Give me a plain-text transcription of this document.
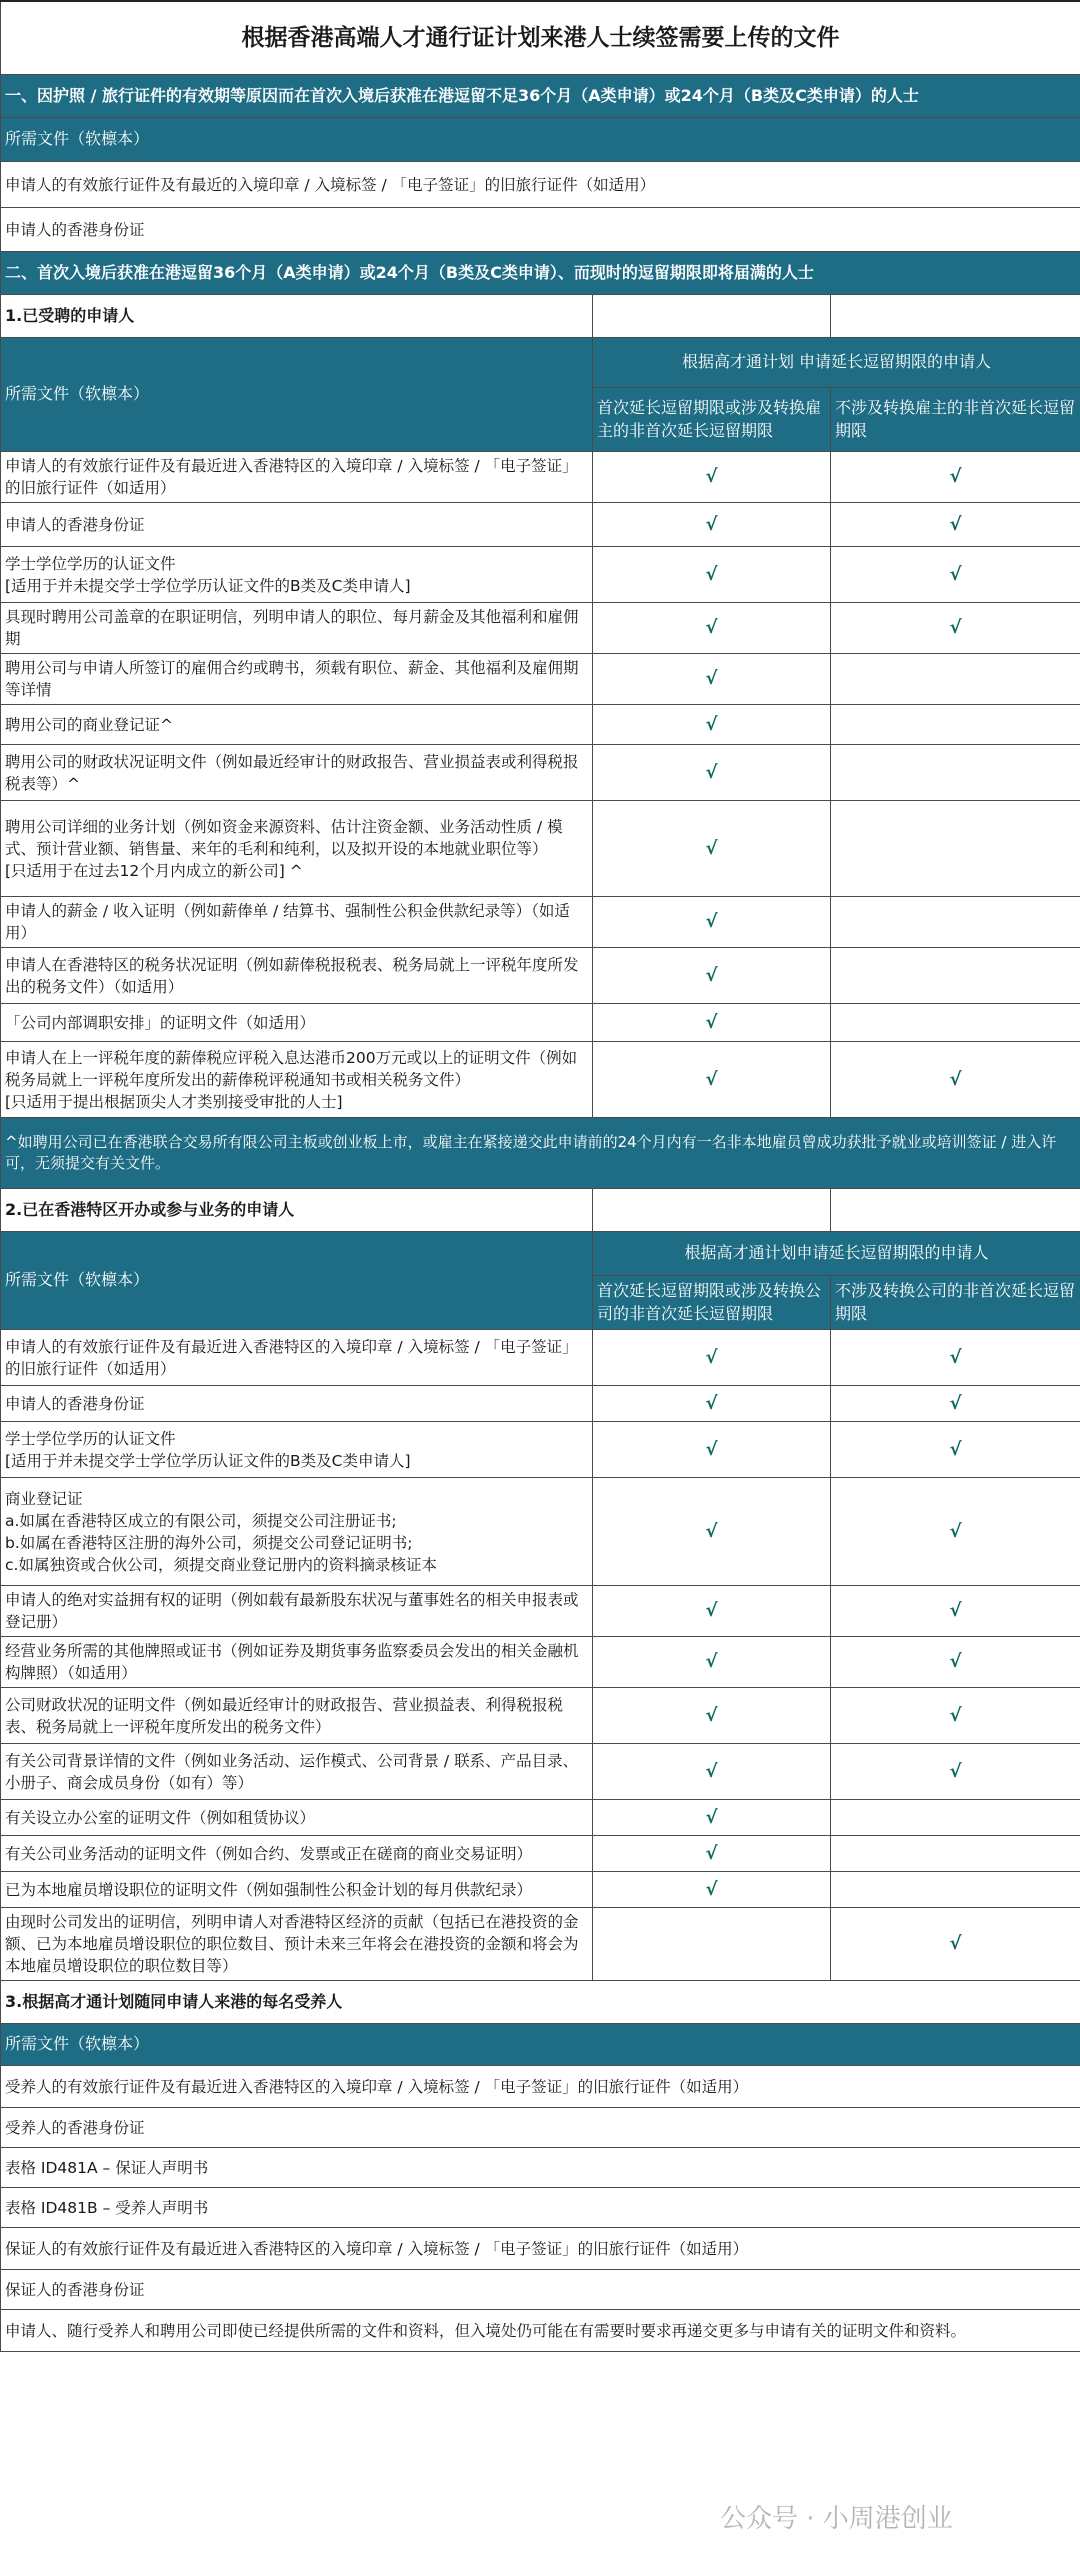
根据香港高端人才通行证计划来港人士续签需要上传的文件		
一、因护照 / 旅行证件的有效期等原因而在首次入境后获准在港逗留不足36个月（A类申请）或24个月（B类及C类申请）的人士		
所需文件（软檩本）		
申请人的有效旅行证件及有最近的入境印章 / 入境标签 / 「电子签证」的旧旅行证件（如适用）		
申请人的香港身份证		
二、首次入境后获准在港逗留36个月（A类申请）或24个月（B类及C类申请）、而现时的逗留期限即将届满的人士		
1.已受聘的申请人		
所需文件（软檩本）	根据高才通计划 申请延长逗留期限的申请人	
	首次延长逗留期限或涉及转换雇主的非首次延长逗留期限	不涉及转换雇主的非首次延长逗留期限
申请人的有效旅行证件及有最近进入香港特区的入境印章 / 入境标签 / 「电子签证」的旧旅行证件（如适用）	√	√
申请人的香港身份证	√	√
学士学位学历的认证文件
[适用于并未提交学士学位学历认证文件的B类及C类申请人]	√	√
具现时聘用公司盖章的在职证明信，列明申请人的职位、每月薪金及其他福利和雇佣期	√	√
聘用公司与申请人所签订的雇佣合约或聘书，须载有职位、薪金、其他福利及雇佣期等详情	√	
聘用公司的商业登记证^	√	
聘用公司的财政状况证明文件（例如最近经审计的财政报告、营业损益表或利得税报税表等）^	√	
聘用公司详细的业务计划（例如资金来源资料、估计注资金额、业务活动性质 / 模式、预计营业额、销售量、来年的毛利和纯利，以及拟开设的本地就业职位等）
[只适用于在过去12个月内成立的新公司] ^	√	
申请人的薪金 / 收入证明（例如薪俸单 / 结算书、强制性公积金供款纪录等）（如适用）	√	
申请人在香港特区的税务状况证明（例如薪俸税报税表、税务局就上一评税年度所发出的税务文件）（如适用）	√	
「公司内部调职安排」的证明文件（如适用）	√	
申请人在上一评税年度的薪俸税应评税入息达港币200万元或以上的证明文件（例如税务局就上一评税年度所发出的薪俸税评税通知书或相关税务文件）
[只适用于提出根据顶尖人才类别接受审批的人士]	√	√
^如聘用公司已在香港联合交易所有限公司主板或创业板上市，或雇主在紧接递交此申请前的24个月内有一名非本地雇员曾成功获批予就业或培训签证 / 进入许可，无须提交有关文件。		
2.已在香港特区开办或参与业务的申请人		
所需文件（软檩本）	根据高才通计划申请延长逗留期限的申请人	
	首次延长逗留期限或涉及转换公司的非首次延长逗留期限	不涉及转换公司的非首次延长逗留期限
申请人的有效旅行证件及有最近进入香港特区的入境印章 / 入境标签 / 「电子签证」的旧旅行证件（如适用）	√	√
申请人的香港身份证	√	√
学士学位学历的认证文件
[适用于并未提交学士学位学历认证文件的B类及C类申请人]	√	√
商业登记证
a.如属在香港特区成立的有限公司，须提交公司注册证书;
b.如属在香港特区注册的海外公司，须提交公司登记证明书;
c.如属独资或合伙公司，须提交商业登记册内的资料摘录核证本	√	√
申请人的绝对实益拥有权的证明（例如载有最新股东状况与董事姓名的相关申报表或登记册）	√	√
经营业务所需的其他牌照或证书（例如证券及期货事务监察委员会发出的相关金融机构牌照）（如适用）	√	√
公司财政状况的证明文件（例如最近经审计的财政报告、营业损益表、利得税报税表、税务局就上一评税年度所发出的税务文件）	√	√
有关公司背景详情的文件（例如业务活动、运作模式、公司背景 / 联系、产品目录、小册子、商会成员身份（如有）等）	√	√
有关设立办公室的证明文件（例如租赁协议）	√	
有关公司业务活动的证明文件（例如合约、发票或正在磋商的商业交易证明）	√	
已为本地雇员增设职位的证明文件（例如强制性公积金计划的每月供款纪录）	√	
由现时公司发出的证明信，列明申请人对香港特区经济的贡献（包括已在港投资的金额、已为本地雇员增设职位的职位数目、预计未来三年将会在港投资的金额和将会为本地雇员增设职位的职位数目等）		√
3.根据高才通计划随同申请人来港的每名受养人		
所需文件（软檩本）		
受养人的有效旅行证件及有最近进入香港特区的入境印章 / 入境标签 / 「电子签证」的旧旅行证件（如适用）		
受养人的香港身份证		
表格 ID481A – 保证人声明书		
表格 ID481B – 受养人声明书		
保证人的有效旅行证件及有最近进入香港特区的入境印章 / 入境标签 / 「电子签证」的旧旅行证件（如适用）		
保证人的香港身份证		
申请人、随行受养人和聘用公司即使已经提供所需的文件和资料，但入境处仍可能在有需要时要求再递交更多与申请有关的证明文件和资料。		
公众号 · 小周港创业
